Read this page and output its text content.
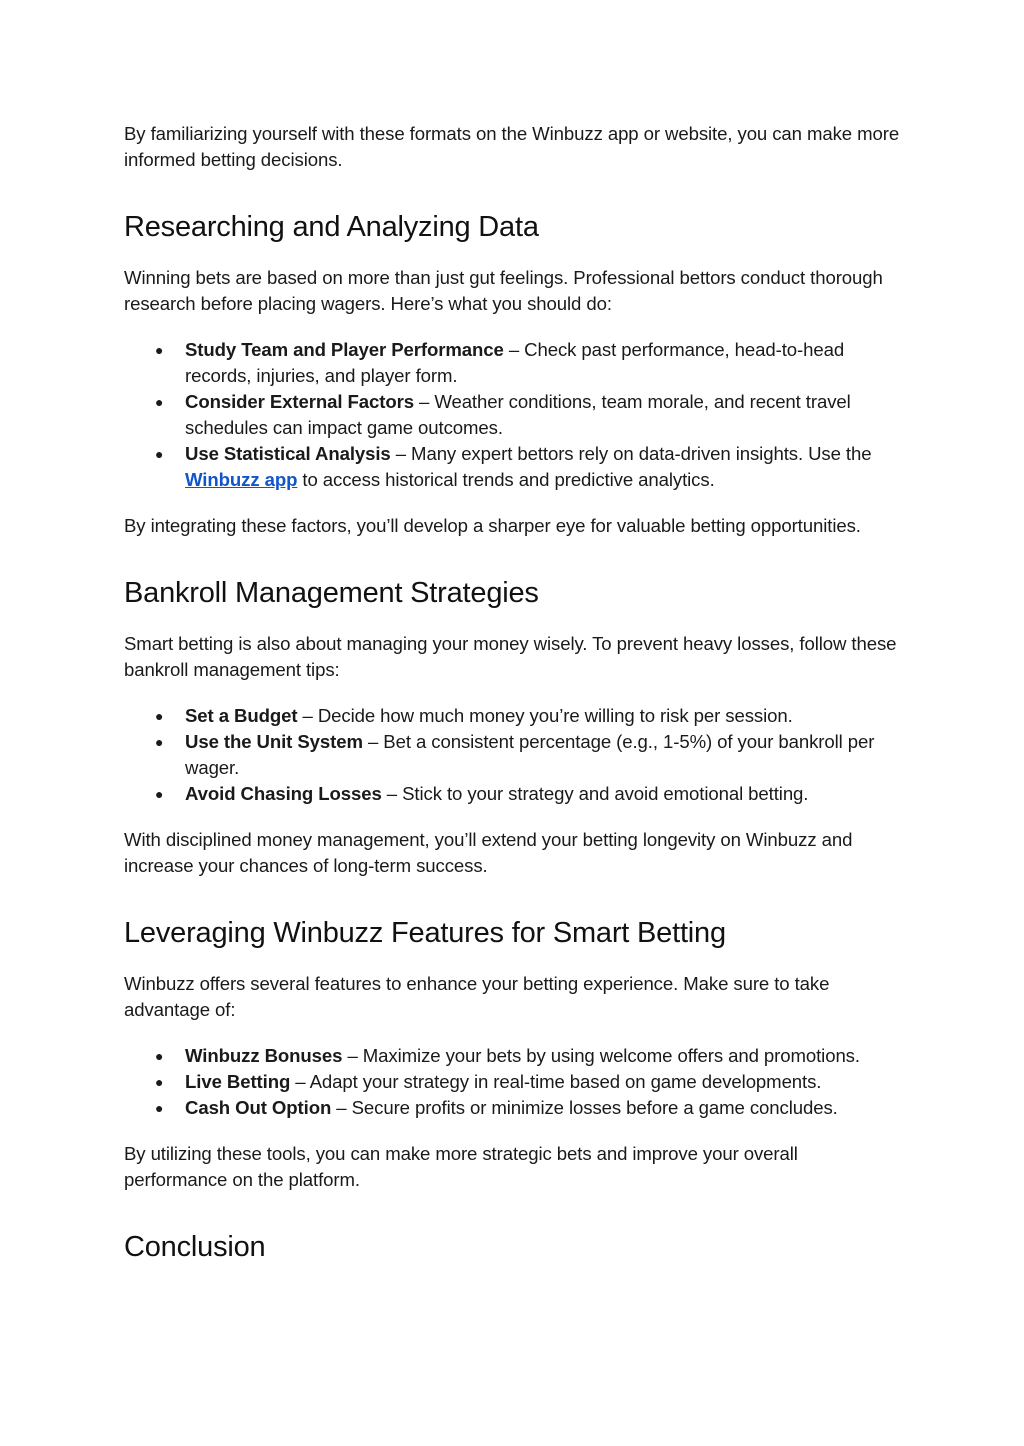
By familiarizing yourself with these formats on the Winbuzz app or website, you can make more informed betting decisions.

Researching and Analyzing Data

Winning bets are based on more than just gut feelings. Professional bettors conduct thorough research before placing wagers. Here’s what you should do:

● Study Team and Player Performance – Check past performance, head-to-head records, injuries, and player form.
● Consider External Factors – Weather conditions, team morale, and recent travel schedules can impact game outcomes.
● Use Statistical Analysis – Many expert bettors rely on data-driven insights. Use the Winbuzz app to access historical trends and predictive analytics.

By integrating these factors, you’ll develop a sharper eye for valuable betting opportunities.

Bankroll Management Strategies

Smart betting is also about managing your money wisely. To prevent heavy losses, follow these bankroll management tips:

● Set a Budget – Decide how much money you’re willing to risk per session.
● Use the Unit System – Bet a consistent percentage (e.g., 1-5%) of your bankroll per wager.
● Avoid Chasing Losses – Stick to your strategy and avoid emotional betting.

With disciplined money management, you’ll extend your betting longevity on Winbuzz and increase your chances of long-term success.

Leveraging Winbuzz Features for Smart Betting

Winbuzz offers several features to enhance your betting experience. Make sure to take advantage of:

● Winbuzz Bonuses – Maximize your bets by using welcome offers and promotions.
● Live Betting – Adapt your strategy in real-time based on game developments.
● Cash Out Option – Secure profits or minimize losses before a game concludes.

By utilizing these tools, you can make more strategic bets and improve your overall performance on the platform.

Conclusion
